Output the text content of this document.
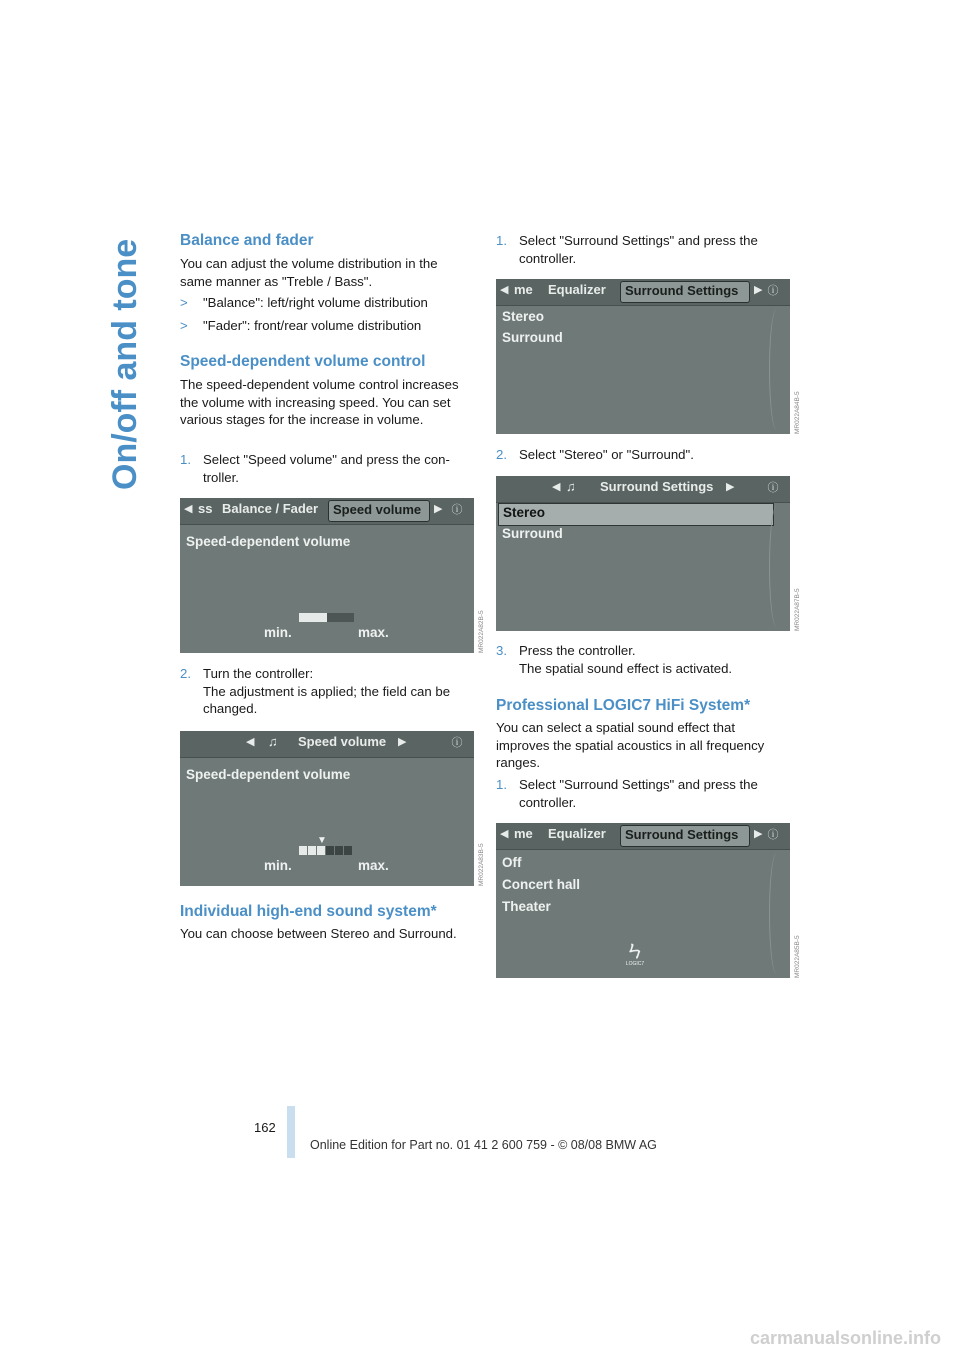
On/off and tone	Balance and fader

You can adjust the volume distribution in the same manner as "Treble / Bass".

> "Balance": left/right volume distribution
> "Fader": front/rear volume distribution
Speed-dependent volume control

The speed-dependent volume control increases the volume with increasing speed. You can set various stages for the increase in volume.

1. Select "Speed volume" and press the con-troller.
◀ ss Balance / Fader Speed volume ▶ ⓘ
Speed-dependent volume
min.	max.	MR022A82B-5

2. Turn the controller:
The adjustment is applied; the field can be changed.

◀ ♫ Speed volume ▶	ⓘ
Speed-dependent volume
▼
min.	max.	MR022A83B-5
Individual high-end sound system*

You can choose between Stereo and Surround.

1. Select "Surround Settings" and press the controller.
◀ me Equalizer Surround Settings ▶ ⓘ
Stereo
Surround
MR022A84B-5
2. Select "Stereo" or "Surround".
◀ ♫ Surround Settings ▶	ⓘ
Stereo
Surround
MR022A87B-5

3. Press the controller.
The spatial sound effect is activated.

Professional LOGIC7 HiFi System*

You can select a spatial sound effect that improves the spatial acoustics in all frequency ranges.

1. Select "Surround Settings" and press the controller.
◀ me Equalizer Surround Settings ▶ ⓘ
Off
Concert hall
Theater
ㄣ
LOGIC7	MR022A85B-5
162
Online Edition for Part no. 01 41 2 600 759 - © 08/08 BMW AG
carmanualsonline.info
